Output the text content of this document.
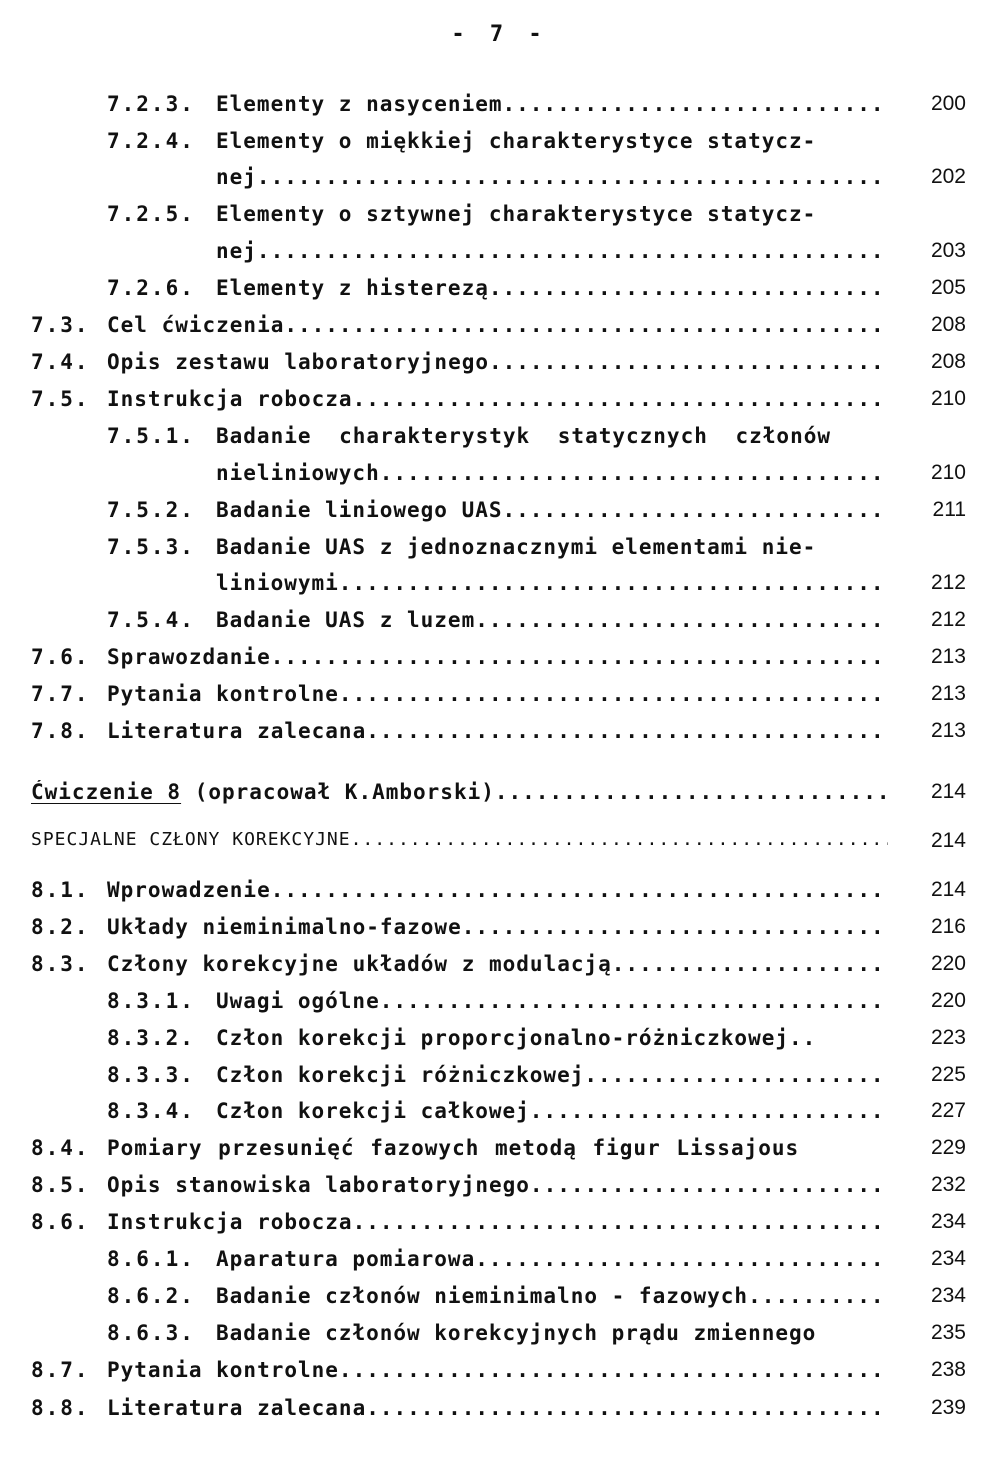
- 7 -
7.2.3. Elementy z nasyceniem .....	200
7.2.4. Elementy o miękkiej charakterystyce statycz-
nej .....	202
7.2.5. Elementy o sztywnej charakterystyce statycz-
nej .....	203
7.2.6. Elementy z histerezą .....	205
7.3. Cel ćwiczenia .....	208
7.4. Opis zestawu laboratoryjnego .....	208
7.5. Instrukcja robocza .....	210
7.5.1. Badanie charakterystyk statycznych członów
nieliniowych .....	210
7.5.2. Badanie liniowego UAS .....	211
7.5.3. Badanie UAS z jednoznacznymi elementami nie-
liniowymi .....	212
7.5.4. Badanie UAS z luzem .....	212
7.6. Sprawozdanie .....	213
7.7. Pytania kontrolne .....	213
7.8. Literatura zalecana .....	213
Ćwiczenie 8 (opracował K.Amborski) .....	214
SPECJALNE CZŁONY KOREKCYJNE .....	214
8.1. Wprowadzenie .....	214
8.2. Układy nieminimalno-fazowe .....	216
8.3. Człony korekcyjne układów z modulacją .....	220
8.3.1. Uwagi ogólne .....	220
8.3.2. Człon korekcji proporcjonalno-różniczkowej..	223
8.3.3. Człon korekcji różniczkowej .....	225
8.3.4. Człon korekcji całkowej .....	227
8.4. Pomiary przesunięć fazowych metodą figur Lissajous	229
8.5. Opis stanowiska laboratoryjnego .....	232
8.6. Instrukcja robocza .....	234
8.6.1. Aparatura pomiarowa .....	234
8.6.2. Badanie członów nieminimalno - fazowych .....	234
8.6.3. Badanie członów korekcyjnych prądu zmiennego	235
8.7. Pytania kontrolne .....	238
8.8. Literatura zalecana .....	239
